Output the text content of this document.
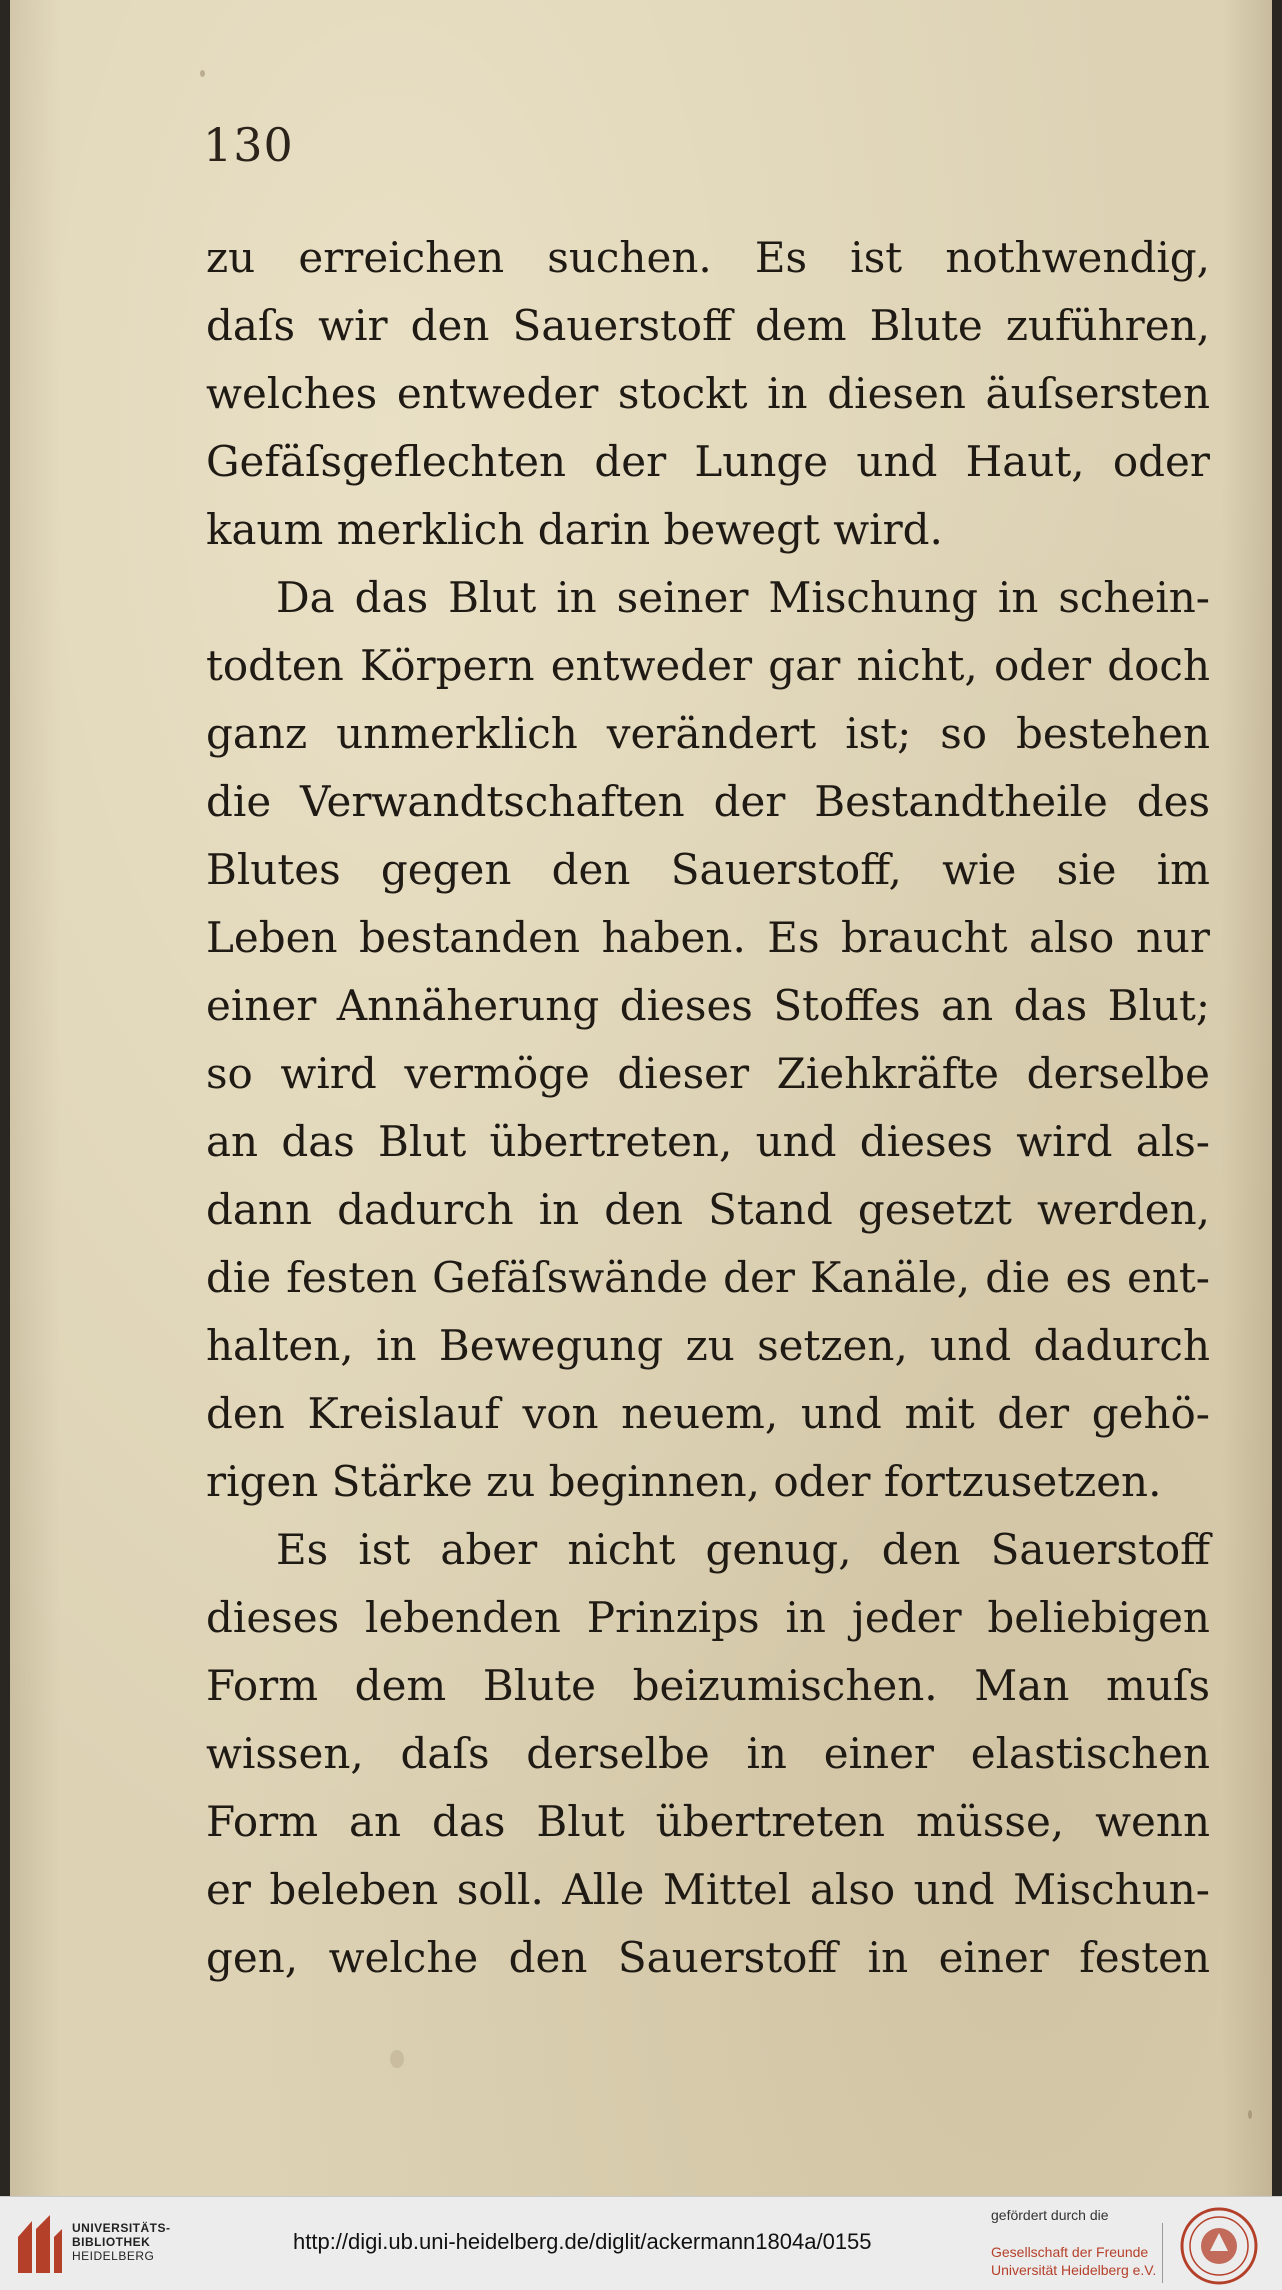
130
zu erreichen suchen. Es ist nothwendig,
daſs wir den Sauerstoff dem Blute zuführen,
welches entweder stockt in diesen äuſsersten
Gefäſsgeflechten der Lunge und Haut, oder
kaum merklich darin bewegt wird.
Da das Blut in seiner Mischung in schein-
todten Körpern entweder gar nicht, oder doch
ganz unmerklich verändert ist; so bestehen
die Verwandtschaften der Bestandtheile des
Blutes gegen den Sauerstoff, wie sie im
Leben bestanden haben. Es braucht also nur
einer Annäherung dieses Stoffes an das Blut;
so wird vermöge dieser Ziehkräfte derselbe
an das Blut übertreten, und dieses wird als-
dann dadurch in den Stand gesetzt werden,
die festen Gefäſswände der Kanäle, die es ent-
halten, in Bewegung zu setzen, und dadurch
den Kreislauf von neuem, und mit der gehö-
rigen Stärke zu beginnen, oder fortzusetzen.
Es ist aber nicht genug, den Sauerstoff
dieses lebenden Prinzips in jeder beliebigen
Form dem Blute beizumischen. Man muſs
wissen, daſs derselbe in einer elastischen
Form an das Blut übertreten müsse, wenn
er beleben soll. Alle Mittel also und Mischun-
gen, welche den Sauerstoff in einer festen
UNIVERSITÄTS-
BIBLIOTHEK
HEIDELBERG
http://digi.ub.uni-heidelberg.de/diglit/ackermann1804a/0155
gefördert durch die
Gesellschaft der Freunde
Universität Heidelberg e.V.
